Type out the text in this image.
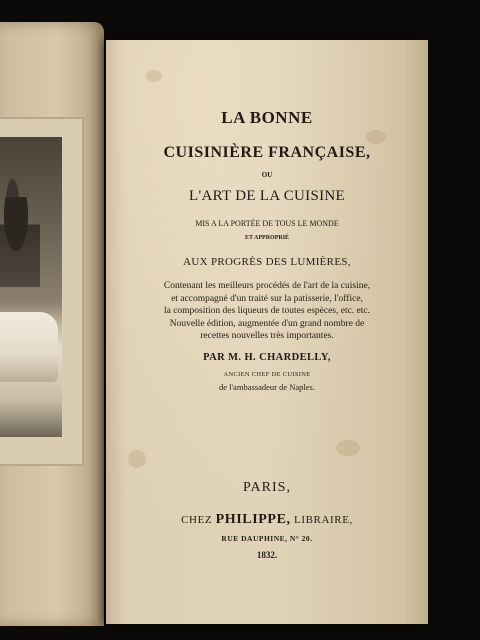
LA BONNE
CUISINIÈRE FRANÇAISE,
OU
L'ART DE LA CUISINE
MIS A LA PORTÉE DE TOUS LE MONDE
ET APPROPRIÉ
AUX PROGRÈS DES LUMIÈRES,
Contenant les meilleurs procédés de l'art de la cuisine,
et accompagné d'un traité sur la patisserie, l'office,
la composition des liqueurs de toutes espèces, etc. etc.
Nouvelle édition, augmentée d'un grand nombre de
recettes nouvelles très importantes.
PAR M. H. CHARDELLY,
ANCIEN CHEF DE CUISINE
de l'ambassadeur de Naples.
PARIS,
CHEZ PHILIPPE, LIBRAIRE,
RUE DAUPHINE, N° 20.
1832.
